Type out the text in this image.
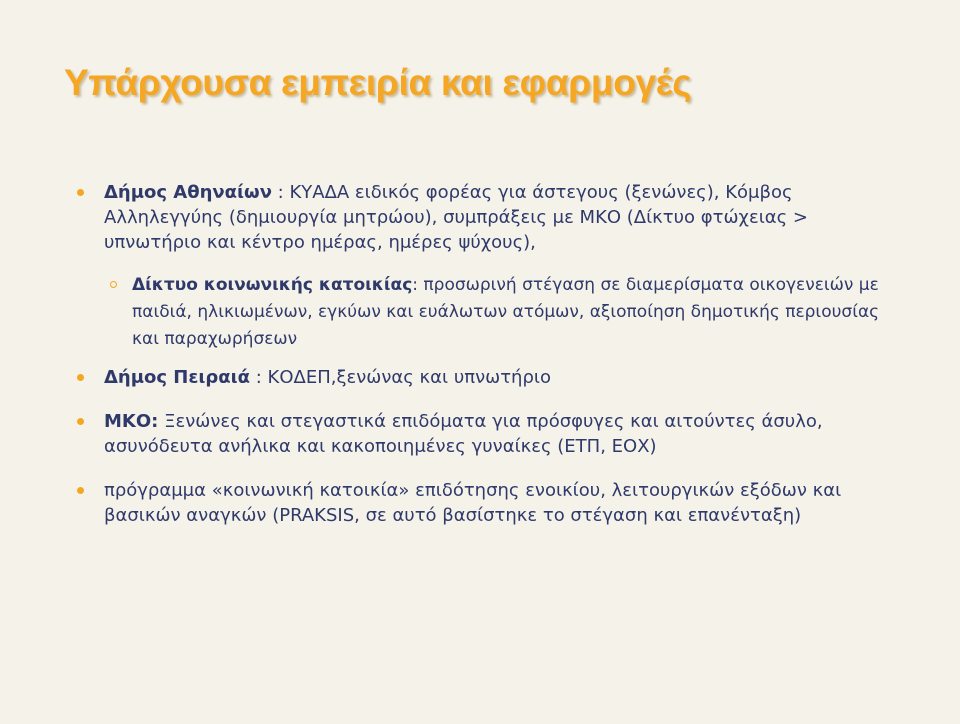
Υπάρχουσα εμπειρία και εφαρμογές
Δήμος Αθηναίων : ΚΥΑΔΑ ειδικός φορέας για άστεγους (ξενώνες), Κόμβος Αλληλεγγύης (δημιουργία μητρώου), συμπράξεις με ΜΚΟ (Δίκτυο φτώχειας > υπνωτήριο και κέντρο ημέρας, ημέρες ψύχους),
Δίκτυο κοινωνικής κατοικίας: προσωρινή στέγαση σε διαμερίσματα οικογενειών με παιδιά, ηλικιωμένων, εγκύων και ευάλωτων ατόμων, αξιοποίηση δημοτικής περιουσίας και παραχωρήσεων
Δήμος Πειραιά : ΚΟΔΕΠ,ξενώνας και υπνωτήριο
ΜΚΟ: Ξενώνες και στεγαστικά επιδόματα για πρόσφυγες και αιτούντες άσυλο, ασυνόδευτα ανήλικα και κακοποιημένες γυναίκες (ΕΤΠ, ΕΟΧ)
πρόγραμμα «κοινωνική κατοικία» επιδότησης ενοικίου, λειτουργικών εξόδων και βασικών αναγκών (PRAKSIS, σε αυτό βασίστηκε το στέγαση και επανένταξη)
